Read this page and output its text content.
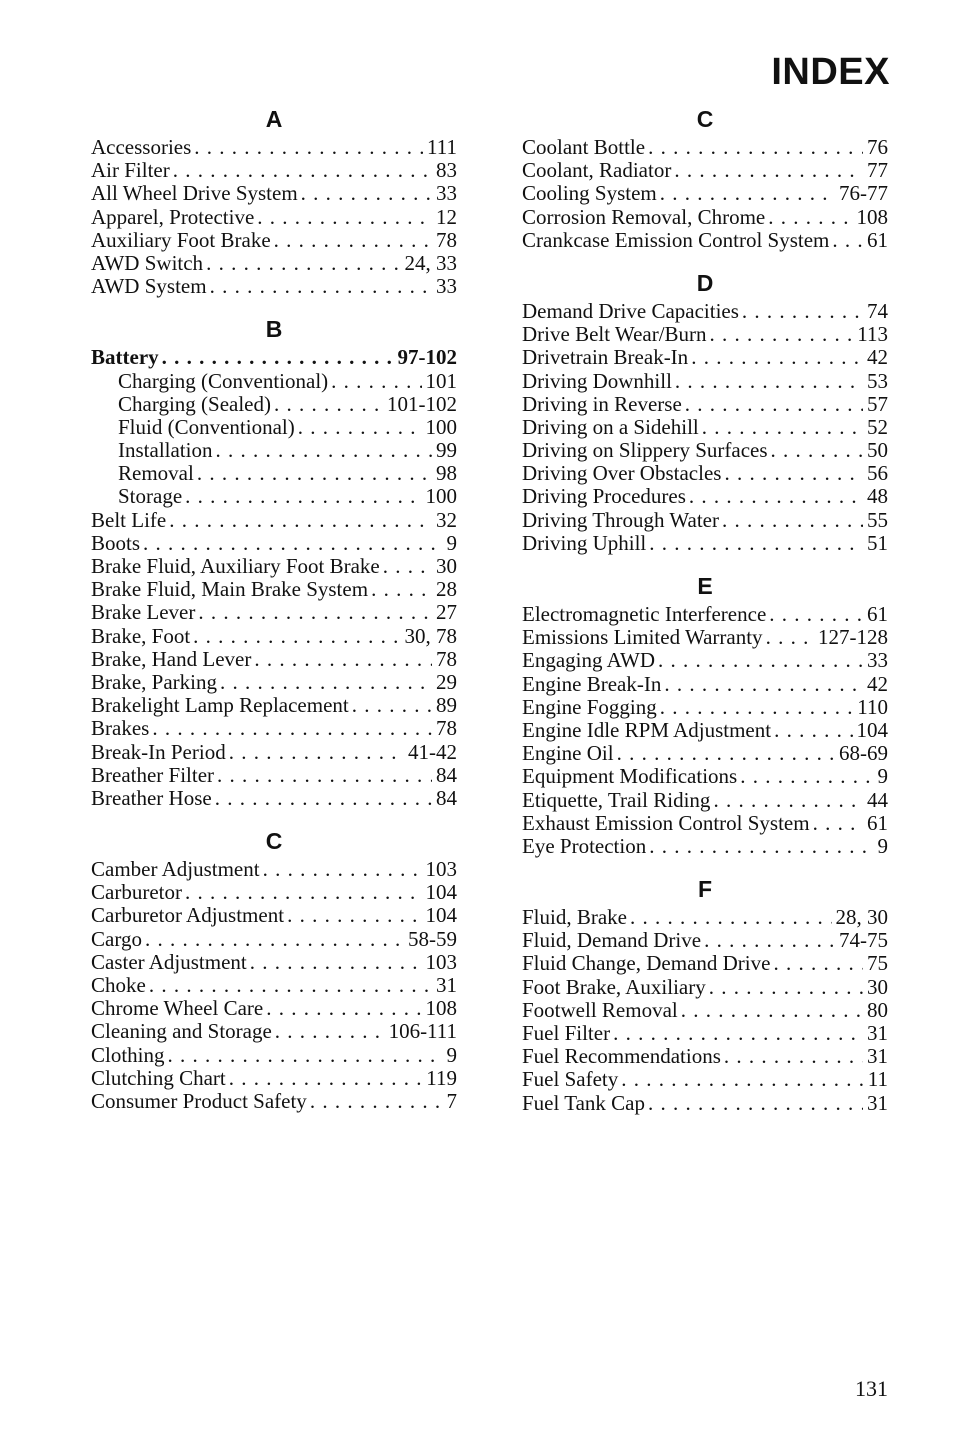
INDEX
A
Accessories . . .	111
Air Filter . . .	83
All Wheel Drive System . . .	33
Apparel, Protective . . .	12
Auxiliary Foot Brake . . .	78
AWD Switch . . .	24, 33
AWD System . . .	33
B
Battery . . .	97-102
Charging (Conventional) . . .	101
Charging (Sealed) . . .	101-102
Fluid (Conventional) . . .	100
Installation . . .	99
Removal . . .	98
Storage . . .	100
Belt Life . . .	32
Boots . . .	9
Brake Fluid, Auxiliary Foot Brake . . .	30
Brake Fluid, Main Brake System . . .	28
Brake Lever . . .	27
Brake, Foot . . .	30, 78
Brake, Hand Lever . . .	78
Brake, Parking . . .	29
Brakelight Lamp Replacement . . .	89
Brakes . . .	78
Break-In Period . . .	41-42
Breather Filter . . .	84
Breather Hose . . .	84
C
Camber Adjustment . . .	103
Carburetor . . .	104
Carburetor Adjustment . . .	104
Cargo . . .	58-59
Caster Adjustment . . .	103
Choke . . .	31
Chrome Wheel Care . . .	108
Cleaning and Storage . . .	106-111
Clothing . . .	9
Clutching Chart . . .	119
Consumer Product Safety . . .	7
C
Coolant Bottle . . .	76
Coolant, Radiator . . .	77
Cooling System . . .	76-77
Corrosion Removal, Chrome . . .	108
Crankcase Emission Control System . . . 61
D
Demand Drive Capacities . . .	74
Drive Belt Wear/Burn . . .	113
Drivetrain Break-In . . .	42
Driving Downhill . . .	53
Driving in Reverse . . .	57
Driving on a Sidehill . . .	52
Driving on Slippery Surfaces . . .	50
Driving Over Obstacles . . .	56
Driving Procedures . . .	48
Driving Through Water . . .	55
Driving Uphill . . .	51
E
Electromagnetic Interference . . .	61
Emissions Limited Warranty . . .	127-128
Engaging AWD . . .	33
Engine Break-In . . .	42
Engine Fogging . . .	110
Engine Idle RPM Adjustment . . .	104
Engine Oil . . .	68-69
Equipment Modifications . . .	9
Etiquette, Trail Riding . . .	44
Exhaust Emission Control System . . .	61
Eye Protection . . .	9
F
Fluid, Brake . . .	28, 30
Fluid, Demand Drive . . .	74-75
Fluid Change, Demand Drive . . .	75
Foot Brake, Auxiliary . . .	30
Footwell Removal . . .	80
Fuel Filter . . .	31
Fuel Recommendations . . .	31
Fuel Safety . . .	11
Fuel Tank Cap . . .	31

131
